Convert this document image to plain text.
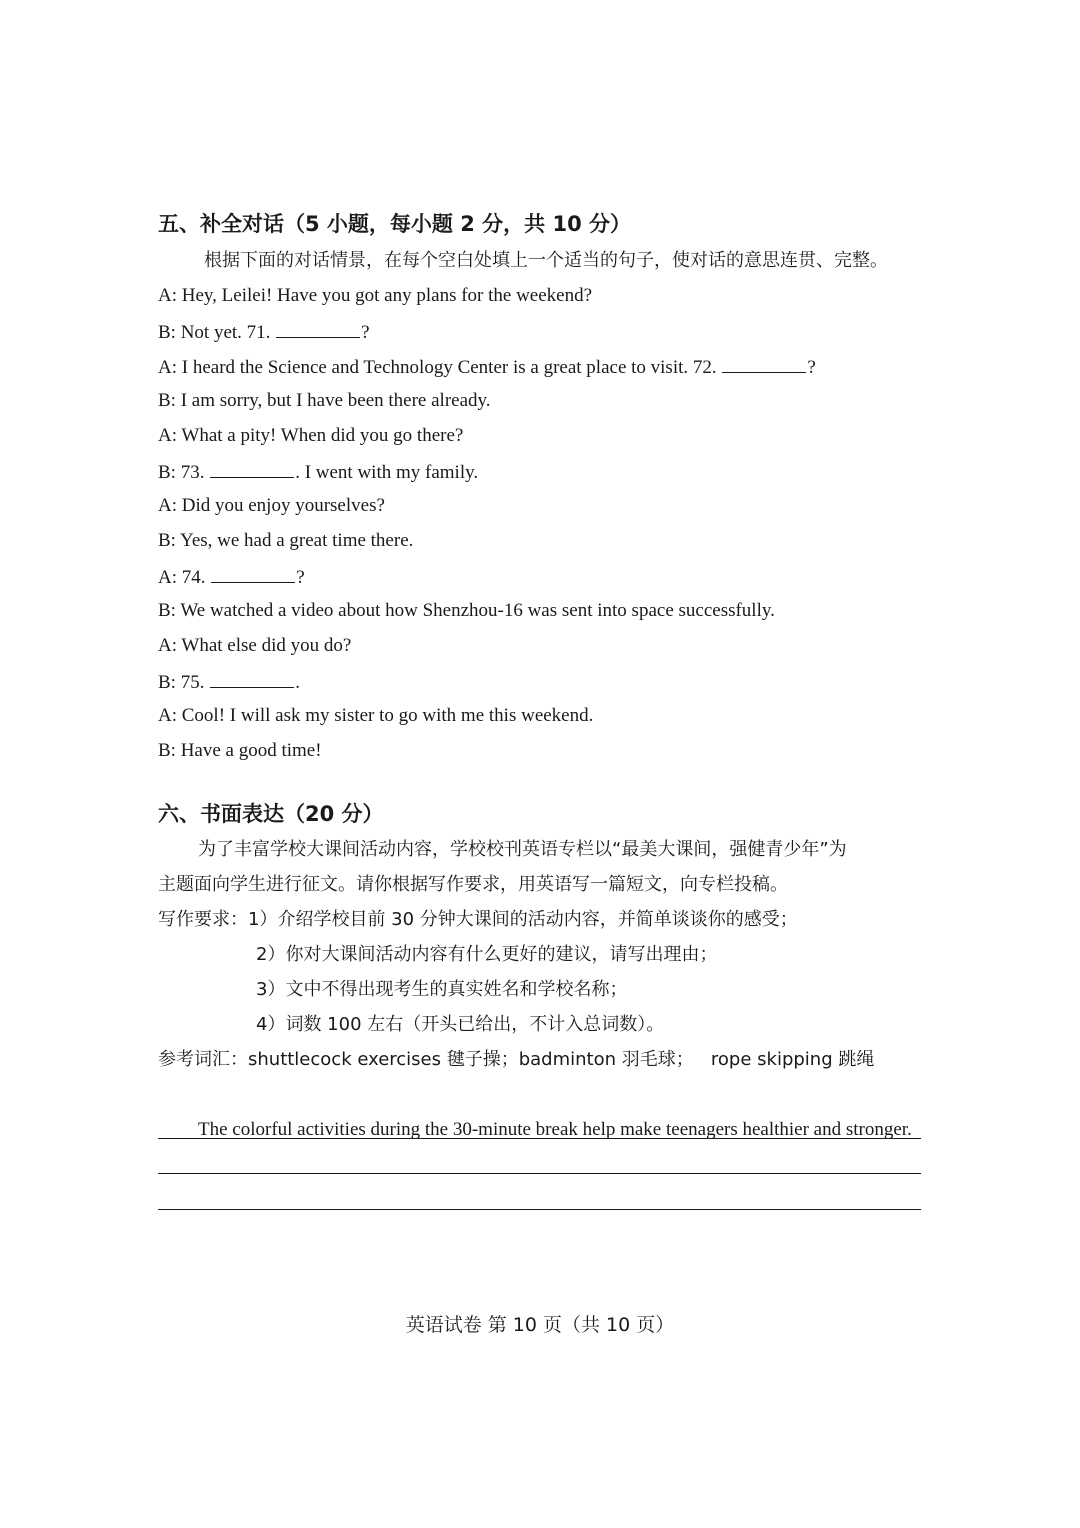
五、补全对话（5 小题，每小题 2 分，共 10 分）
根据下面的对话情景，在每个空白处填上一个适当的句子，使对话的意思连贯、完整。
A: Hey, Leilei! Have you got any plans for the weekend?
B: Not yet. 71.	?
A: I heard the Science and Technology Center is a great place to visit. 72.	?
B: I am sorry, but I have been there already.
A: What a pity! When did you go there?
B: 73.	. I went with my family.
A: Did you enjoy yourselves?
B: Yes, we had a great time there.
A: 74.	?
B: We watched a video about how Shenzhou-16 was sent into space successfully.
A: What else did you do?
B: 75.	.
A: Cool! I will ask my sister to go with me this weekend.
B: Have a good time!
六、书面表达（20 分）
为了丰富学校大课间活动内容，学校校刊英语专栏以“最美大课间，强健青少年”为
主题面向学生进行征文。请你根据写作要求，用英语写一篇短文，向专栏投稿。
写作要求：1）介绍学校目前 30 分钟大课间的活动内容，并简单谈谈你的感受；
2）你对大课间活动内容有什么更好的建议，请写出理由；
3）文中不得出现考生的真实姓名和学校名称；
4）词数 100 左右（开头已给出，不计入总词数）。
参考词汇：shuttlecock exercises 毽子操；badminton 羽毛球；   rope skipping 跳绳
The colorful activities during the 30-minute break help make teenagers healthier and stronger.
英语试卷 第 10 页（共 10 页）
